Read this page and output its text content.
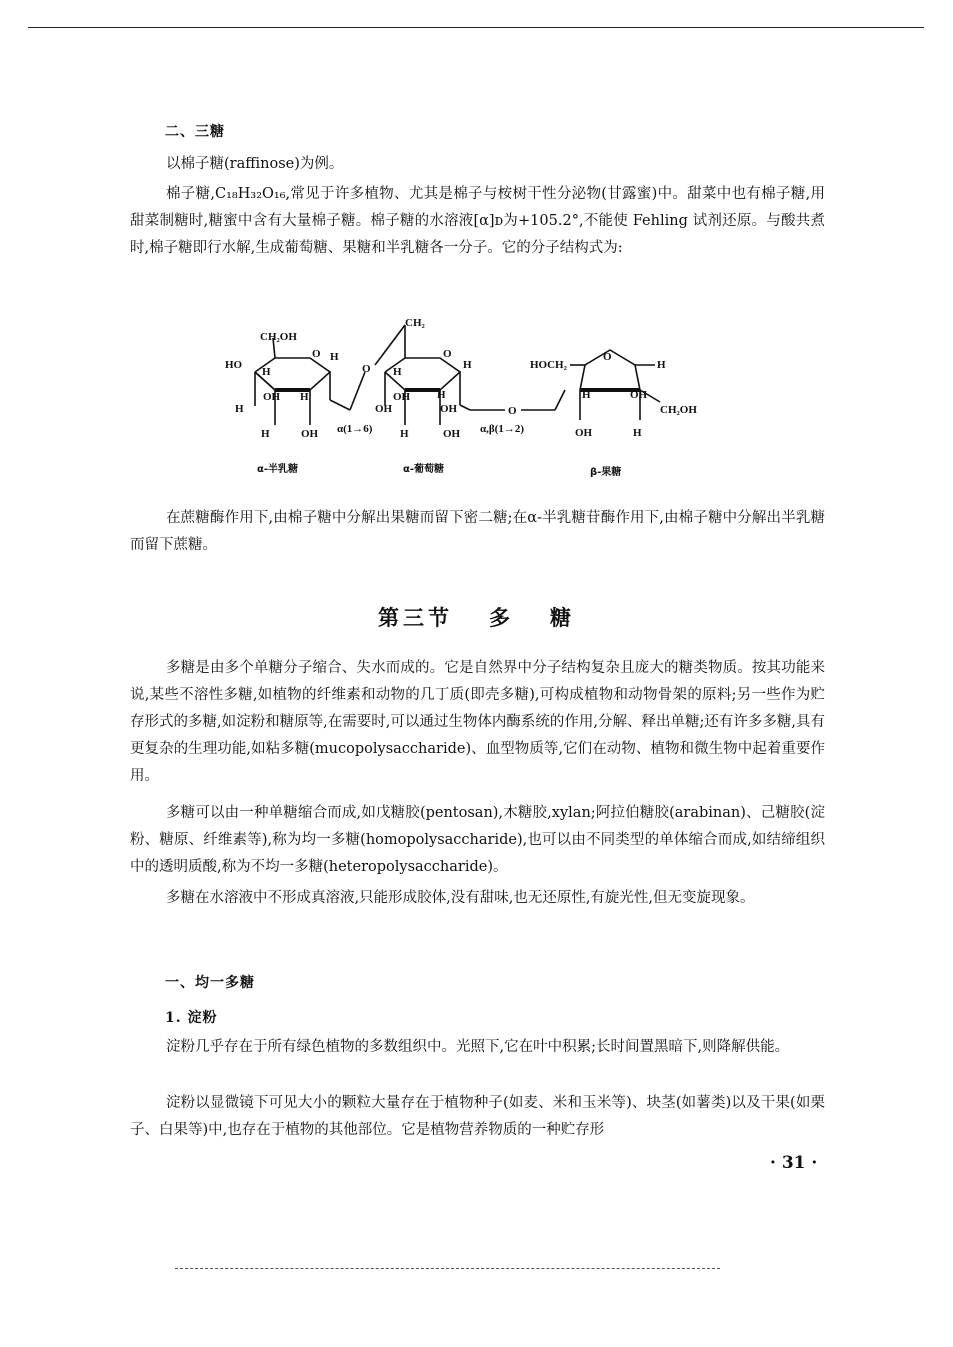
二、三糖
以棉子糖(raffinose)为例。
棉子糖,C₁₈H₃₂O₁₆,常见于许多植物、尤其是棉子与桉树干性分泌物(甘露蜜)中。甜菜中也有棉子糖,用甜菜制糖时,糖蜜中含有大量棉子糖。棉子糖的水溶液[α]ᴅ为+105.2°,不能使 Fehling 试剂还原。与酸共煮时,棉子糖即行水解,生成葡萄糖、果糖和半乳糖各一分子。它的分子结构式为:
CH₂OH
O H
HO
H
OH H
H
H	OH
O
α(1→6)
CH₂
O
H
H
OH H
OH	OH
H	OH
O
α,β(1→2)
HOCH₂
O
H
H	OH
CH₂OH
OH	H
α-半乳糖	α-葡萄糖	β-果糖
在蔗糖酶作用下,由棉子糖中分解出果糖而留下密二糖;在α-半乳糖苷酶作用下,由棉子糖中分解出半乳糖而留下蔗糖。
第三节 多 糖
多糖是由多个单糖分子缩合、失水而成的。它是自然界中分子结构复杂且庞大的糖类物质。按其功能来说,某些不溶性多糖,如植物的纤维素和动物的几丁质(即壳多糖),可构成植物和动物骨架的原料;另一些作为贮存形式的多糖,如淀粉和糖原等,在需要时,可以通过生物体内酶系统的作用,分解、释出单糖;还有许多多糖,具有更复杂的生理功能,如粘多糖(mucopolysaccharide)、血型物质等,它们在动物、植物和微生物中起着重要作用。
多糖可以由一种单糖缩合而成,如戊糖胶(pentosan),木糖胶,xylan;阿拉伯糖胶(arabinan)、己糖胶(淀粉、糖原、纤维素等),称为均一多糖(homopolysaccharide),也可以由不同类型的单体缩合而成,如结缔组织中的透明质酸,称为不均一多糖(heteropolysaccharide)。
多糖在水溶液中不形成真溶液,只能形成胶体,没有甜味,也无还原性,有旋光性,但无变旋现象。
一、均一多糖
1. 淀粉
淀粉几乎存在于所有绿色植物的多数组织中。光照下,它在叶中积累;长时间置黑暗下,则降解供能。
淀粉以显微镜下可见大小的颗粒大量存在于植物种子(如麦、米和玉米等)、块茎(如薯类)以及干果(如栗子、白果等)中,也存在于植物的其他部位。它是植物营养物质的一种贮存形
· 31 ·
